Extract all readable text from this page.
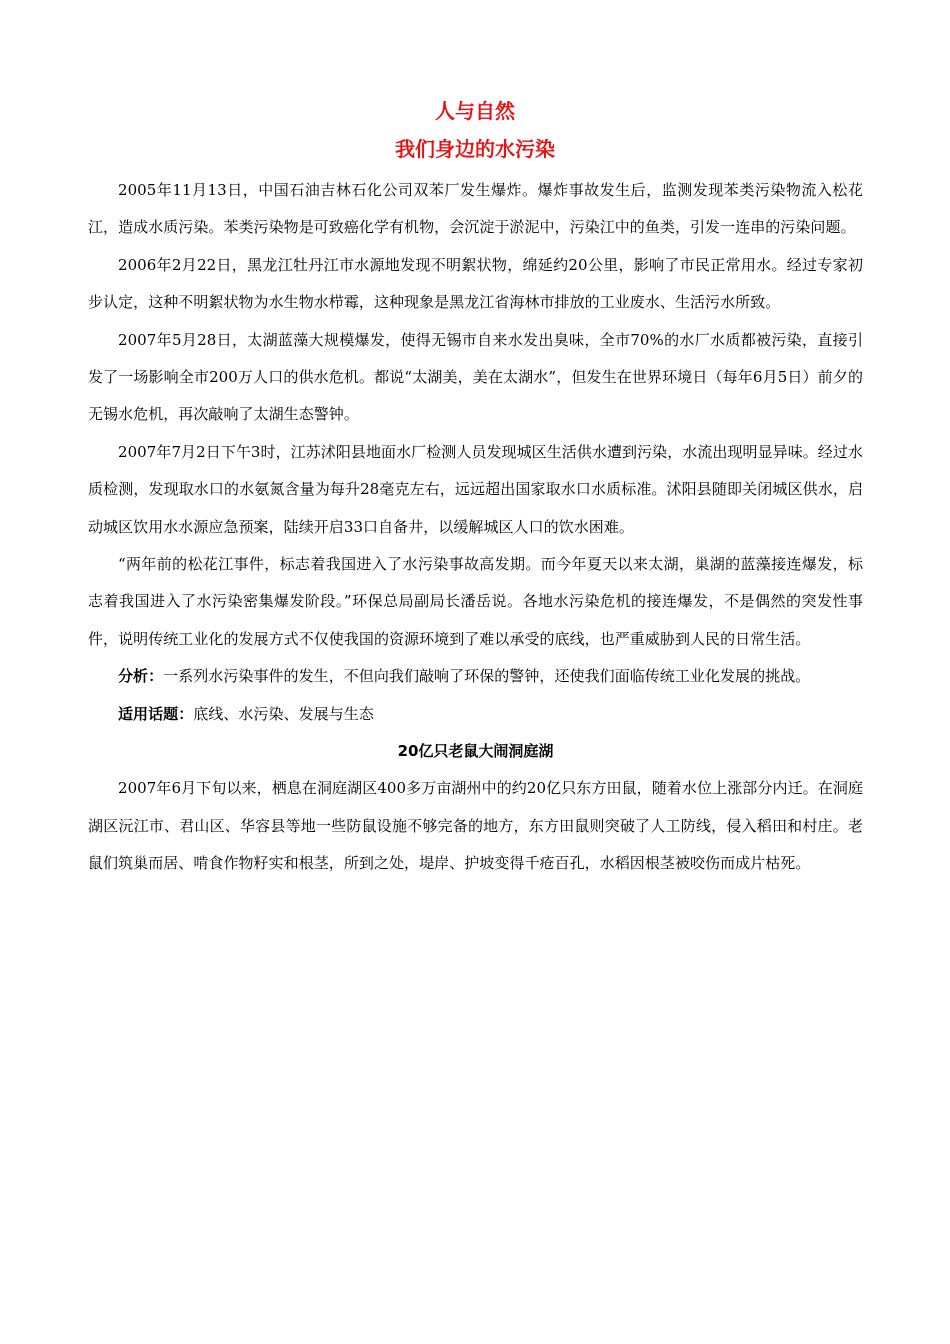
人与自然
我们身边的水污染

2005年11月13日，中国石油吉林石化公司双苯厂发生爆炸。爆炸事故发生后，监测发现苯类污染物流入松花江，造成水质污染。苯类污染物是可致癌化学有机物，会沉淀于淤泥中，污染江中的鱼类，引发一连串的污染问题。

2006年2月22日，黑龙江牡丹江市水源地发现不明絮状物，绵延约20公里，影响了市民正常用水。经过专家初步认定，这种不明絮状物为水生物水栉霉，这种现象是黑龙江省海林市排放的工业废水、生活污水所致。

2007年5月28日，太湖蓝藻大规模爆发，使得无锡市自来水发出臭味，全市70%的水厂水质都被污染，直接引发了一场影响全市200万人口的供水危机。都说“太湖美，美在太湖水”，但发生在世界环境日（每年6月5日）前夕的无锡水危机，再次敲响了太湖生态警钟。

2007年7月2日下午3时，江苏沭阳县地面水厂检测人员发现城区生活供水遭到污染，水流出现明显异味。经过水质检测，发现取水口的水氨氮含量为每升28毫克左右，远远超出国家取水口水质标准。沭阳县随即关闭城区供水，启动城区饮用水水源应急预案，陆续开启33口自备井，以缓解城区人口的饮水困难。

“两年前的松花江事件，标志着我国进入了水污染事故高发期。而今年夏天以来太湖，巢湖的蓝藻接连爆发，标志着我国进入了水污染密集爆发阶段。”环保总局副局长潘岳说。各地水污染危机的接连爆发，不是偶然的突发性事件，说明传统工业化的发展方式不仅使我国的资源环境到了难以承受的底线，也严重威胁到人民的日常生活。

分析：一系列水污染事件的发生，不但向我们敲响了环保的警钟，还使我们面临传统工业化发展的挑战。

适用话题：底线、水污染、发展与生态

20亿只老鼠大闹洞庭湖

2007年6月下旬以来，栖息在洞庭湖区400多万亩湖州中的约20亿只东方田鼠，随着水位上涨部分内迁。在洞庭湖区沅江市、君山区、华容县等地一些防鼠设施不够完备的地方，东方田鼠则突破了人工防线，侵入稻田和村庄。老鼠们筑巢而居、啃食作物籽实和根茎，所到之处，堤岸、护坡变得千疮百孔，水稻因根茎被咬伤而成片枯死。
